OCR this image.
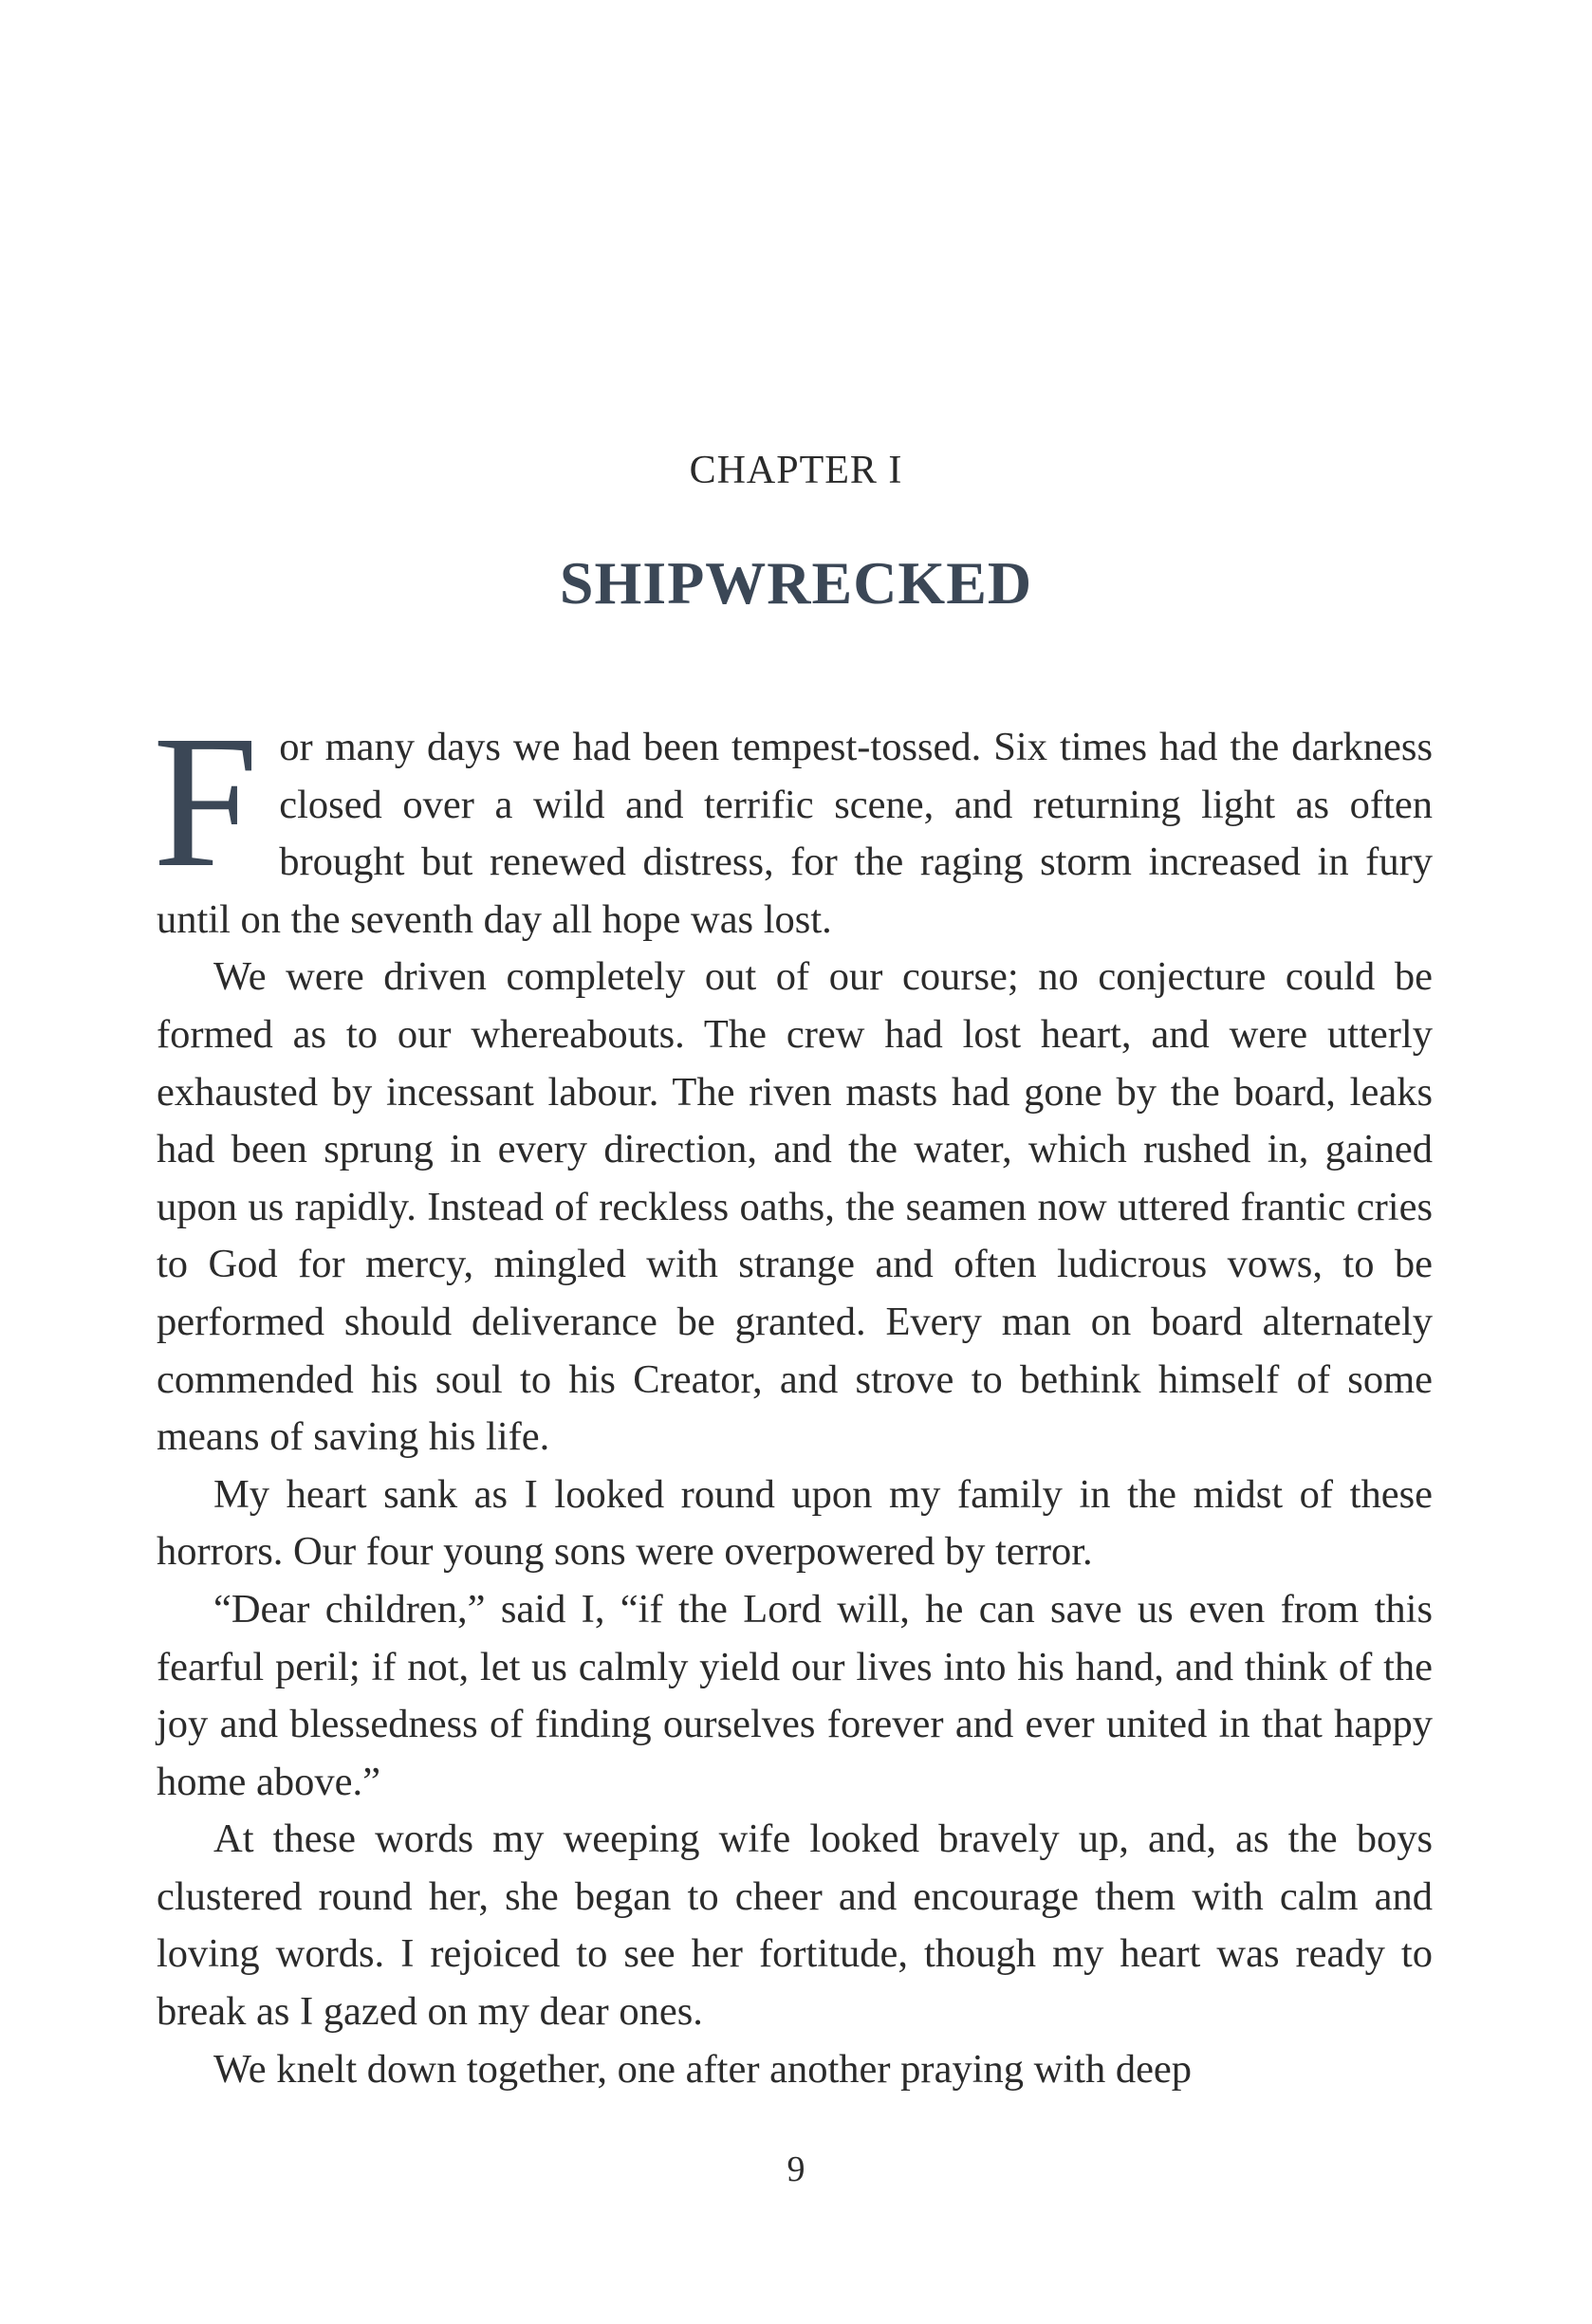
CHAPTER I
SHIPWRECKED

For many days we had been tempest-tossed. Six times had the darkness closed over a wild and terrific scene, and returning light as often brought but renewed distress, for the raging storm increased in fury until on the seventh day all hope was lost.

We were driven completely out of our course; no conjecture could be formed as to our whereabouts. The crew had lost heart, and were utterly exhausted by incessant labour. The riven masts had gone by the board, leaks had been sprung in every direction, and the water, which rushed in, gained upon us rapidly. Instead of reckless oaths, the seamen now uttered frantic cries to God for mercy, mingled with strange and often ludicrous vows, to be performed should deliverance be granted. Every man on board alternately commended his soul to his Creator, and strove to bethink himself of some means of saving his life.

My heart sank as I looked round upon my family in the midst of these horrors. Our four young sons were overpowered by terror.

“Dear children,” said I, “if the Lord will, he can save us even from this fearful peril; if not, let us calmly yield our lives into his hand, and think of the joy and blessedness of finding ourselves forever and ever united in that happy home above.”

At these words my weeping wife looked bravely up, and, as the boys clustered round her, she began to cheer and encourage them with calm and loving words. I rejoiced to see her fortitude, though my heart was ready to break as I gazed on my dear ones.

We knelt down together, one after another praying with deep

9
